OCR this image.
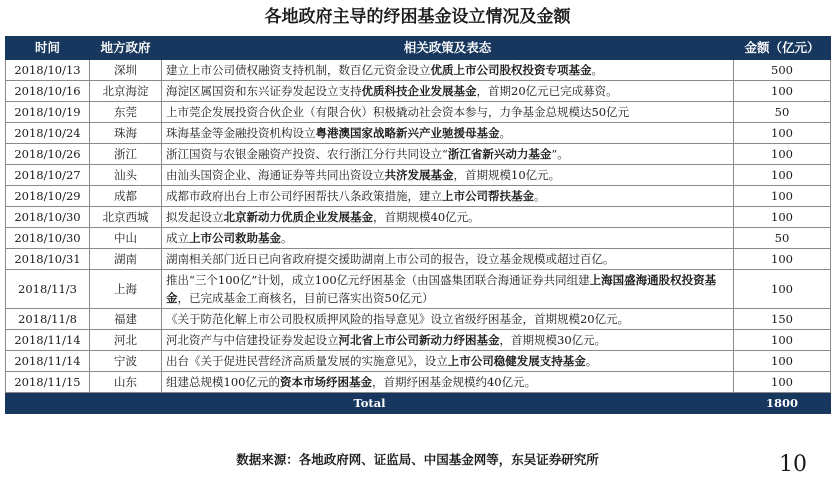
各地政府主导的纾困基金设立情况及金额
时间	地方政府	相关政策及表态	金额（亿元）
2018/10/13	深圳	建立上市公司债权融资支持机制，数百亿元资金设立优质上市公司股权投资专项基金。	500
2018/10/16	北京海淀	海淀区属国资和东兴证券发起设立支持优质科技企业发展基金，首期20亿元已完成募资。	100
2018/10/19	东莞	上市莞企发展投资合伙企业（有限合伙）积极撬动社会资本参与，力争基金总规模达50亿元	50
2018/10/24	珠海	珠海基金等金融投资机构设立粤港澳国家战略新兴产业驰援母基金。	100
2018/10/26	浙江	浙江国资与农银金融资产投资、农行浙江分行共同设立“浙江省新兴动力基金”。	100
2018/10/27	汕头	由汕头国资企业、海通证券等共同出资设立共济发展基金，首期规模10亿元。	100
2018/10/29	成都	成都市政府出台上市公司纾困帮扶八条政策措施，建立上市公司帮扶基金。	100
2018/10/30	北京西城	拟发起设立北京新动力优质企业发展基金，首期规模40亿元。	100
2018/10/30	中山	成立上市公司救助基金。	50
2018/10/31	湖南	湖南相关部门近日已向省政府提交援助湖南上市公司的报告，设立基金规模或超过百亿。	100
2018/11/3	上海	推出“三个100亿”计划，成立100亿元纾困基金（由国盛集团联合海通证券共同组建上海国盛海通股权投资基金，已完成基金工商核名，目前已落实出资50亿元）	100
2018/11/8	福建	《关于防范化解上市公司股权质押风险的指导意见》设立省级纾困基金，首期规模20亿元。	150
2018/11/14	河北	河北资产与中信建投证券发起设立河北省上市公司新动力纾困基金，首期规模30亿元。	100
2018/11/14	宁波	出台《关于促进民营经济高质量发展的实施意见》，设立上市公司稳健发展支持基金。	100
2018/11/15	山东	组建总规模100亿元的资本市场纾困基金，首期纾困基金规模约40亿元。	100
Total			1800
数据来源：各地政府网、证监局、中国基金网等，东吴证券研究所	10
